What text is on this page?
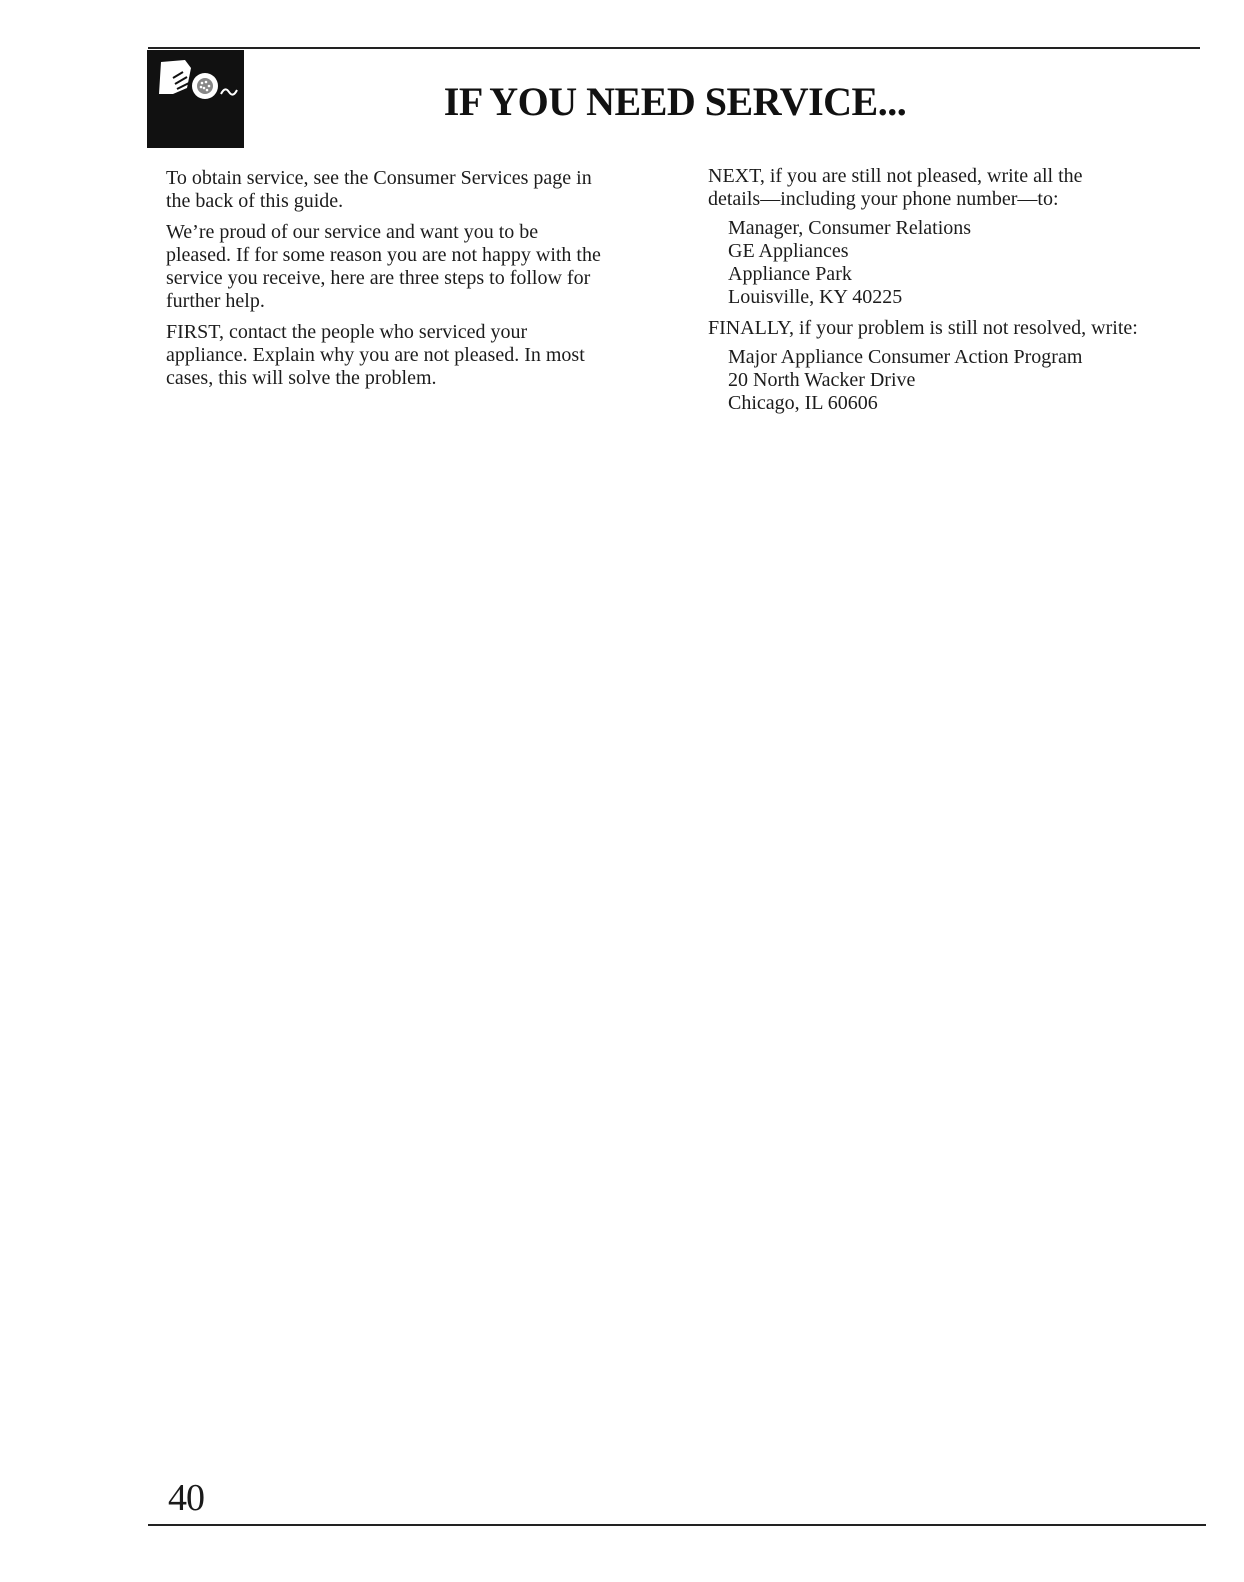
IF YOU NEED SERVICE...
To obtain service, see the Consumer Services page in
the back of this guide.
We’re proud of our service and want you to be
pleased. If for some reason you are not happy with the
service you receive, here are three steps to follow for
further help.
FIRST, contact the people who serviced your
appliance. Explain why you are not pleased. In most
cases, this will solve the problem.
NEXT, if you are still not pleased, write all the
details—including your phone number—to:
Manager, Consumer Relations
GE Appliances
Appliance Park
Louisville, KY 40225
FINALLY, if your problem is still not resolved, write:
Major Appliance Consumer Action Program
20 North Wacker Drive
Chicago, IL 60606
40
